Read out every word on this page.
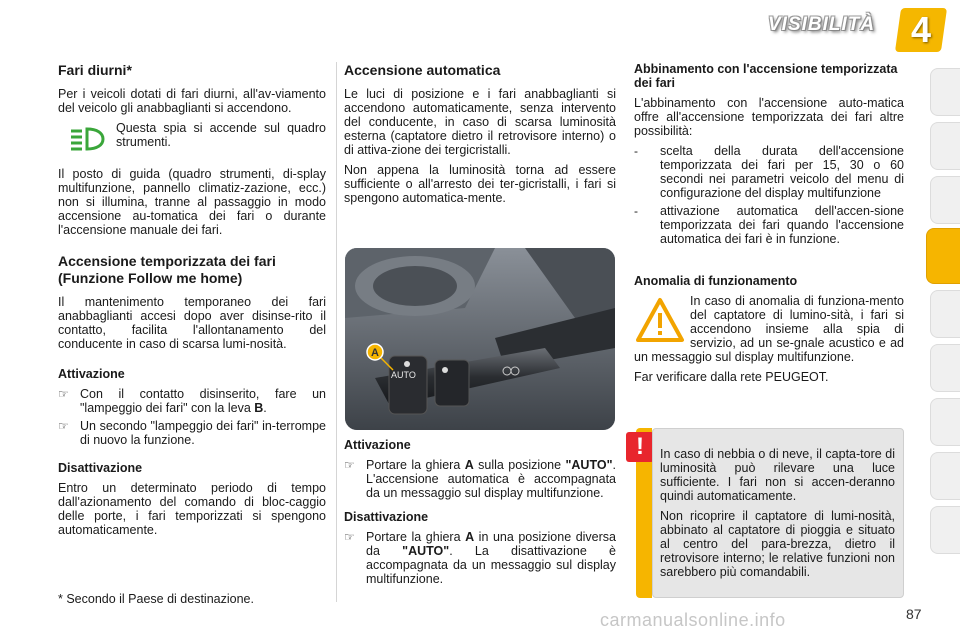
VISIBILITÀ 4
Fari diurni*

Per i veicoli dotati di fari diurni, all'av-viamento del veicolo gli anabbaglianti si accendono.

Questa spia si accende sul quadro strumenti.

Il posto di guida (quadro strumenti, di-splay multifunzione, pannello climatiz-zazione, ecc.) non si illumina, tranne al passaggio in modo accensione au-tomatica dei fari o durante l'accensione manuale dei fari.

Accensione temporizzata dei fari (Funzione Follow me home)

Il mantenimento temporaneo dei fari anabbaglianti accesi dopo aver disinse-rito il contatto, facilita l'allontanamento del conducente in caso di scarsa lumi-nosità.

Attivazione
☞ Con il contatto disinserito, fare un "lampeggio dei fari" con la leva B.
☞ Un secondo "lampeggio dei fari" in-terrompe di nuovo la funzione.
Disattivazione

Entro un determinato periodo di tempo dall'azionamento del comando di bloc-caggio delle porte, i fari temporizzati si spengono automaticamente.

* Secondo il Paese di destinazione.
Accensione automatica

Le luci di posizione e i fari anabbaglianti si accendono automaticamente, senza intervento del conducente, in caso di scarsa luminosità esterna (captatore dietro il retrovisore interno) o di attiva-zione dei tergicristalli.

Non appena la luminosità torna ad essere sufficiente o all'arresto dei ter-gicristalli, i fari si spengono automatica-mente.

AUTO
A
Attivazione
☞ Portare la ghiera A sulla posizione "AUTO". L'accensione automatica è accompagnata da un messaggio sul display multifunzione.
Disattivazione
☞ Portare la ghiera A in una posizione diversa da "AUTO". La disattivazione è accompagnata da un messaggio sul display multifunzione.
Abbinamento con l'accensione temporizzata dei fari

L'abbinamento con l'accensione auto-matica offre all'accensione temporizzata dei fari altre possibilità:

-	scelta della durata dell'accensione temporizzata dei fari per 15, 30 o 60 secondi nei parametri veicolo del menu di configurazione del display multifunzione
-	attivazione automatica dell'accen-sione temporizzata dei fari quando l'accensione automatica dei fari è in funzione.
Anomalia di funzionamento

In caso di anomalia di funziona-mento del captatore di lumino-sità, i fari si accendono insieme alla spia di servizio, ad un se-gnale acustico e ad un messaggio sul display multifunzione.

Far verificare dalla rete PEUGEOT.

!	In caso di nebbia o di neve, il capta-tore di luminosità può rilevare una luce sufficiente. I fari non si accen-deranno quindi automaticamente.

Non ricoprire il captatore di lumi-nosità, abbinato al captatore di pioggia e situato al centro del para-brezza, dietro il retrovisore interno; le relative funzioni non sarebbero più comandabili.

87
carmanualsonline.info
